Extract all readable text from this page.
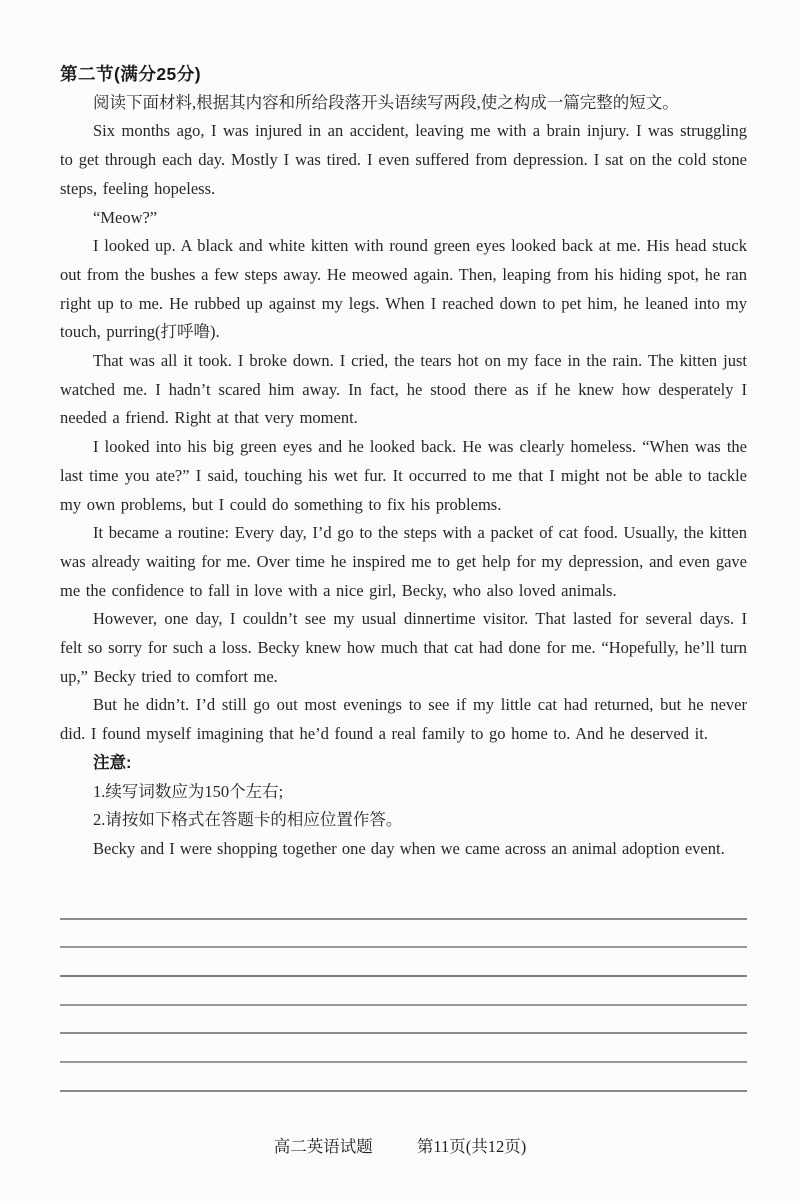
第二节(满分25分)
阅读下面材料,根据其内容和所给段落开头语续写两段,使之构成一篇完整的短文。

Six months ago, I was injured in an accident, leaving me with a brain injury. I was struggling to get through each day. Mostly I was tired. I even suffered from depression. I sat on the cold stone steps, feeling hopeless.

“Meow?”

I looked up. A black and white kitten with round green eyes looked back at me. His head stuck out from the bushes a few steps away. He meowed again. Then, leaping from his hiding spot, he ran right up to me. He rubbed up against my legs. When I reached down to pet him, he leaned into my touch, purring(打呼噜).

That was all it took. I broke down. I cried, the tears hot on my face in the rain. The kitten just watched me. I hadn’t scared him away. In fact, he stood there as if he knew how desperately I needed a friend. Right at that very moment.

I looked into his big green eyes and he looked back. He was clearly homeless. “When was the last time you ate?” I said, touching his wet fur. It occurred to me that I might not be able to tackle my own problems, but I could do something to fix his problems.

It became a routine: Every day, I’d go to the steps with a packet of cat food. Usually, the kitten was already waiting for me. Over time he inspired me to get help for my depression, and even gave me the confidence to fall in love with a nice girl, Becky, who also loved animals.

However, one day, I couldn’t see my usual dinnertime visitor. That lasted for several days. I felt so sorry for such a loss. Becky knew how much that cat had done for me. “Hopefully, he’ll turn up,” Becky tried to comfort me.

But he didn’t. I’d still go out most evenings to see if my little cat had returned, but he never did. I found myself imagining that he’d found a real family to go home to. And he deserved it.

注意:
1.续写词数应为150个左右;
2.请按如下格式在答题卡的相应位置作答。

Becky and I were shopping together one day when we came across an animal adoption event.

高二英语试题	第11页(共12页)
